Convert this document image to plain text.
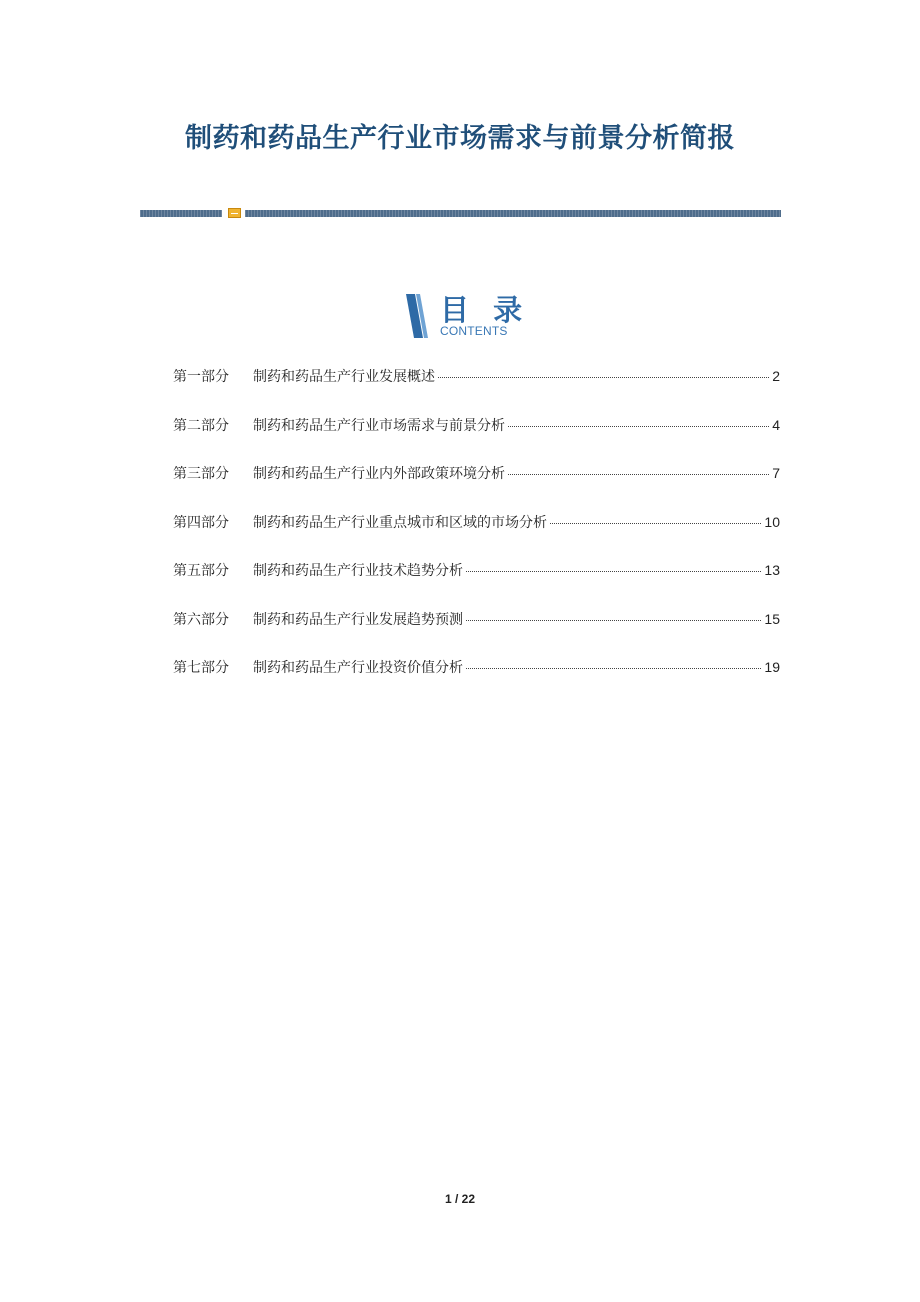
制药和药品生产行业市场需求与前景分析简报
目 录
CONTENTS
第一部分	制药和药品生产行业发展概述	2
第二部分	制药和药品生产行业市场需求与前景分析	4
第三部分	制药和药品生产行业内外部政策环境分析	7
第四部分	制药和药品生产行业重点城市和区域的市场分析	10
第五部分	制药和药品生产行业技术趋势分析	13
第六部分	制药和药品生产行业发展趋势预测	15
第七部分	制药和药品生产行业投资价值分析	19
1 / 22
